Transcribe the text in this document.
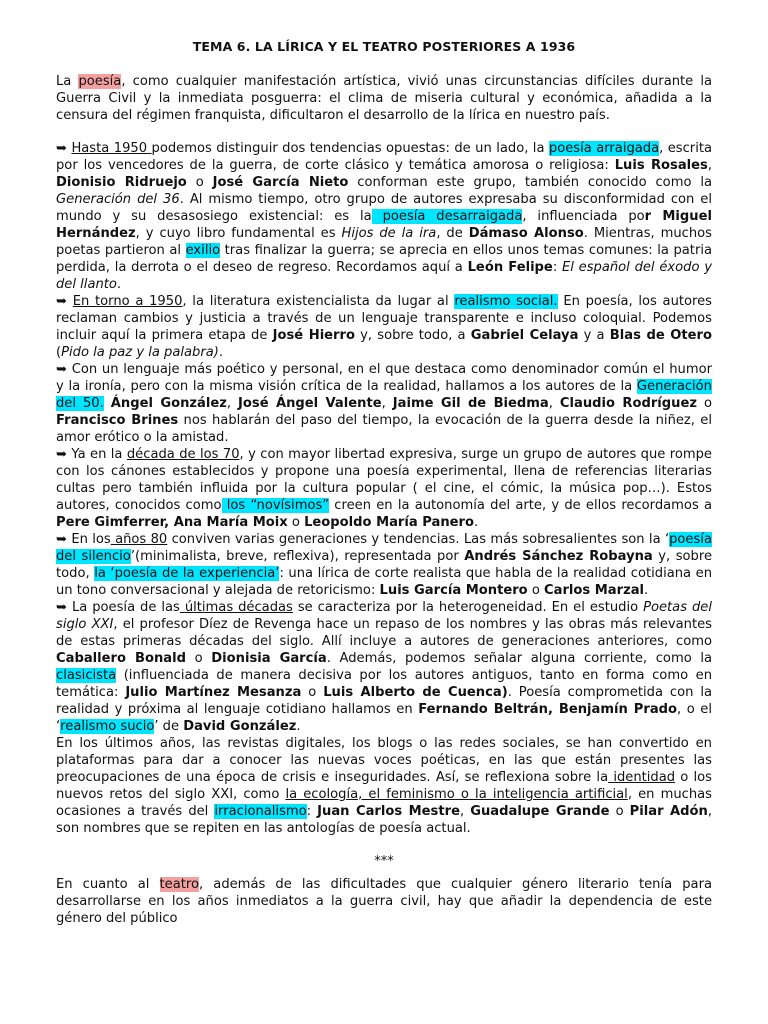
TEMA 6. LA LÍRICA Y EL TEATRO POSTERIORES A 1936

La poesía, como cualquier manifestación artística, vivió unas circunstancias difíciles durante la Guerra Civil y la inmediata posguerra: el clima de miseria cultural y económica, añadida a la censura del régimen franquista, dificultaron el desarrollo de la lírica en nuestro país.

➥ Hasta 1950 podemos distinguir dos tendencias opuestas: de un lado, la poesía arraigada, escrita por los vencedores de la guerra, de corte clásico y temática amorosa o religiosa: Luis Rosales, Dionisio Ridruejo o José García Nieto conforman este grupo, también conocido como la Generación del 36. Al mismo tiempo, otro grupo de autores expresaba su disconformidad con el mundo y su desasosiego existencial: es la poesía desarraigada, influenciada por Miguel Hernández, y cuyo libro fundamental es Hijos de la ira, de Dámaso Alonso. Mientras, muchos poetas partieron al exilio tras finalizar la guerra; se aprecia en ellos unos temas comunes: la patria perdida, la derrota o el deseo de regreso. Recordamos aquí a León Felipe: El español del éxodo y del llanto.

➥ En torno a 1950, la literatura existencialista da lugar al realismo social. En poesía, los autores reclaman cambios y justicia a través de un lenguaje transparente e incluso coloquial. Podemos incluir aquí la primera etapa de José Hierro y, sobre todo, a Gabriel Celaya y a Blas de Otero (Pido la paz y la palabra).

➥ Con un lenguaje más poético y personal, en el que destaca como denominador común el humor y la ironía, pero con la misma visión crítica de la realidad, hallamos a los autores de la Generación del 50. Ángel González, José Ángel Valente, Jaime Gil de Biedma, Claudio Rodríguez o Francisco Brines nos hablarán del paso del tiempo, la evocación de la guerra desde la niñez, el amor erótico o la amistad.

➥ Ya en la década de los 70, y con mayor libertad expresiva, surge un grupo de autores que rompe con los cánones establecidos y propone una poesía experimental, llena de referencias literarias cultas pero también influida por la cultura popular ( el cine, el cómic, la música pop…). Estos autores, conocidos como los “novísimos” creen en la autonomía del arte, y de ellos recordamos a Pere Gimferrer, Ana María Moix o Leopoldo María Panero.

➥ En los años 80 conviven varias generaciones y tendencias. Las más sobresalientes son la ‘poesía del silencio’(minimalista, breve, reflexiva), representada por Andrés Sánchez Robayna y, sobre todo, la ‘poesía de la experiencia’: una lírica de corte realista que habla de la realidad cotidiana en un tono conversacional y alejada de retoricismo: Luis García Montero o Carlos Marzal.

➥ La poesía de las últimas décadas se caracteriza por la heterogeneidad. En el estudio Poetas del siglo XXI, el profesor Díez de Revenga hace un repaso de los nombres y las obras más relevantes de estas primeras décadas del siglo. Allí incluye a autores de generaciones anteriores, como Caballero Bonald o Dionisia García. Además, podemos señalar alguna corriente, como la clasicista (influenciada de manera decisiva por los autores antiguos, tanto en forma como en temática: Julio Martínez Mesanza o Luis Alberto de Cuenca). Poesía comprometida con la realidad y próxima al lenguaje cotidiano hallamos en Fernando Beltrán, Benjamín Prado, o el ‘realismo sucio’ de David González.

En los últimos años, las revistas digitales, los blogs o las redes sociales, se han convertido en plataformas para dar a conocer las nuevas voces poéticas, en las que están presentes las preocupaciones de una época de crisis e inseguridades. Así, se reflexiona sobre la identidad o los nuevos retos del siglo XXI, como la ecología, el feminismo o la inteligencia artificial, en muchas ocasiones a través del irracionalismo: Juan Carlos Mestre, Guadalupe Grande o Pilar Adón, son nombres que se repiten en las antologías de poesía actual.

***

En cuanto al teatro, además de las dificultades que cualquier género literario tenía para desarrollarse en los años inmediatos a la guerra civil, hay que añadir la dependencia de este género del público
